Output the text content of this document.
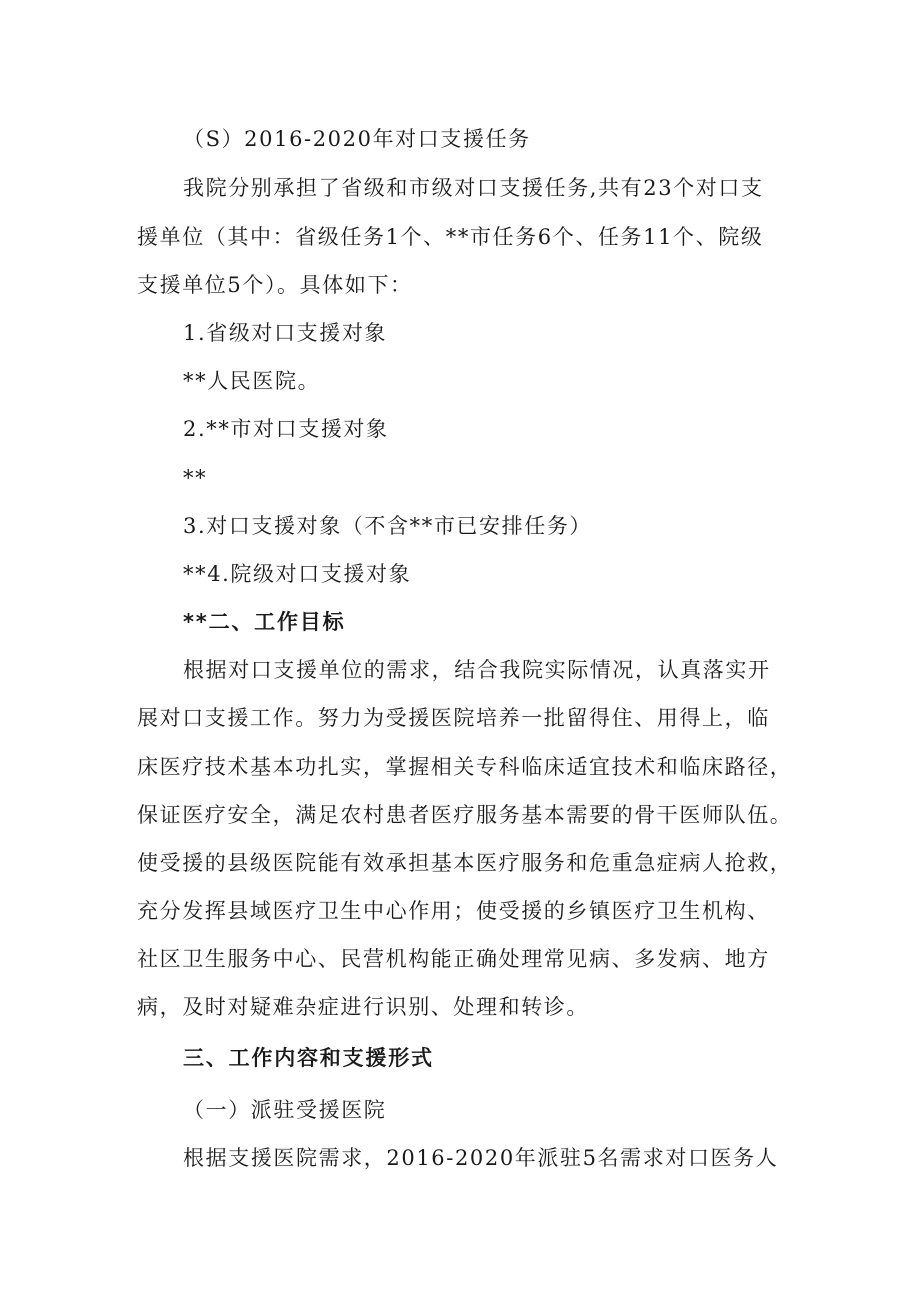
（S）2016-2020年对口支援任务

我院分别承担了省级和市级对口支援任务,共有23个对口支

援单位（其中：省级任务1个、**市任务6个、任务11个、院级

支援单位5个）。具体如下：

1.省级对口支援对象

**人民医院。

2.**市对口支援对象

**

3.对口支援对象（不含**市已安排任务）

**4.院级对口支援对象

**二、工作目标

根据对口支援单位的需求，结合我院实际情况，认真落实开

展对口支援工作。努力为受援医院培养一批留得住、用得上，临

床医疗技术基本功扎实，掌握相关专科临床适宜技术和临床路径，

保证医疗安全，满足农村患者医疗服务基本需要的骨干医师队伍。

使受援的县级医院能有效承担基本医疗服务和危重急症病人抢救，

充分发挥县域医疗卫生中心作用；使受援的乡镇医疗卫生机构、

社区卫生服务中心、民营机构能正确处理常见病、多发病、地方

病，及时对疑难杂症进行识别、处理和转诊。

三、工作内容和支援形式

（一）派驻受援医院

根据支援医院需求，2016-2020年派驻5名需求对口医务人
